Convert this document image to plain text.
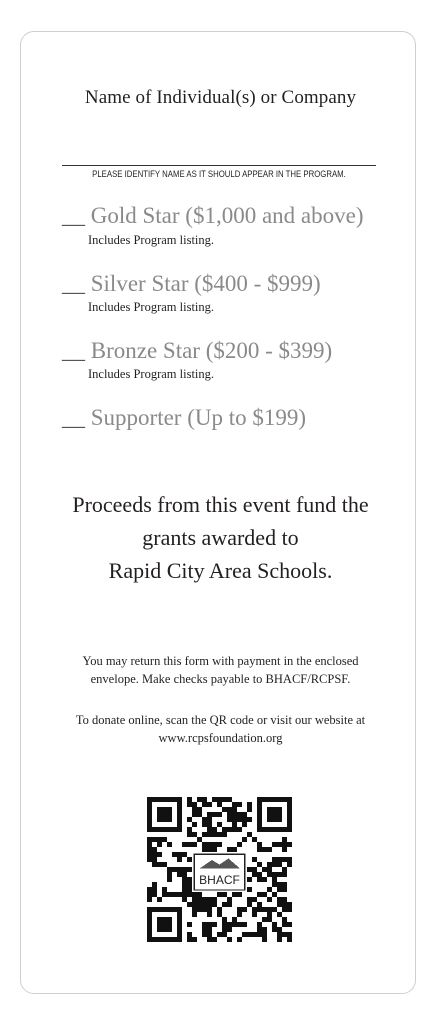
Name of Individual(s) or Company
PLEASE IDENTIFY NAME AS IT SHOULD APPEAR IN THE PROGRAM.
__ Gold Star ($1,000 and above)
Includes Program listing.
__ Silver Star ($400 - $999)
Includes Program listing.
__ Bronze Star ($200 - $399)
Includes Program listing.
__ Supporter (Up to $199)
Proceeds from this event fund the
grants awarded to
Rapid City Area Schools.
You may return this form with payment in the enclosed
envelope. Make checks payable to BHACF/RCPSF.
To donate online, scan the QR code or visit our website at
www.rcpsfoundation.org
BHACF
